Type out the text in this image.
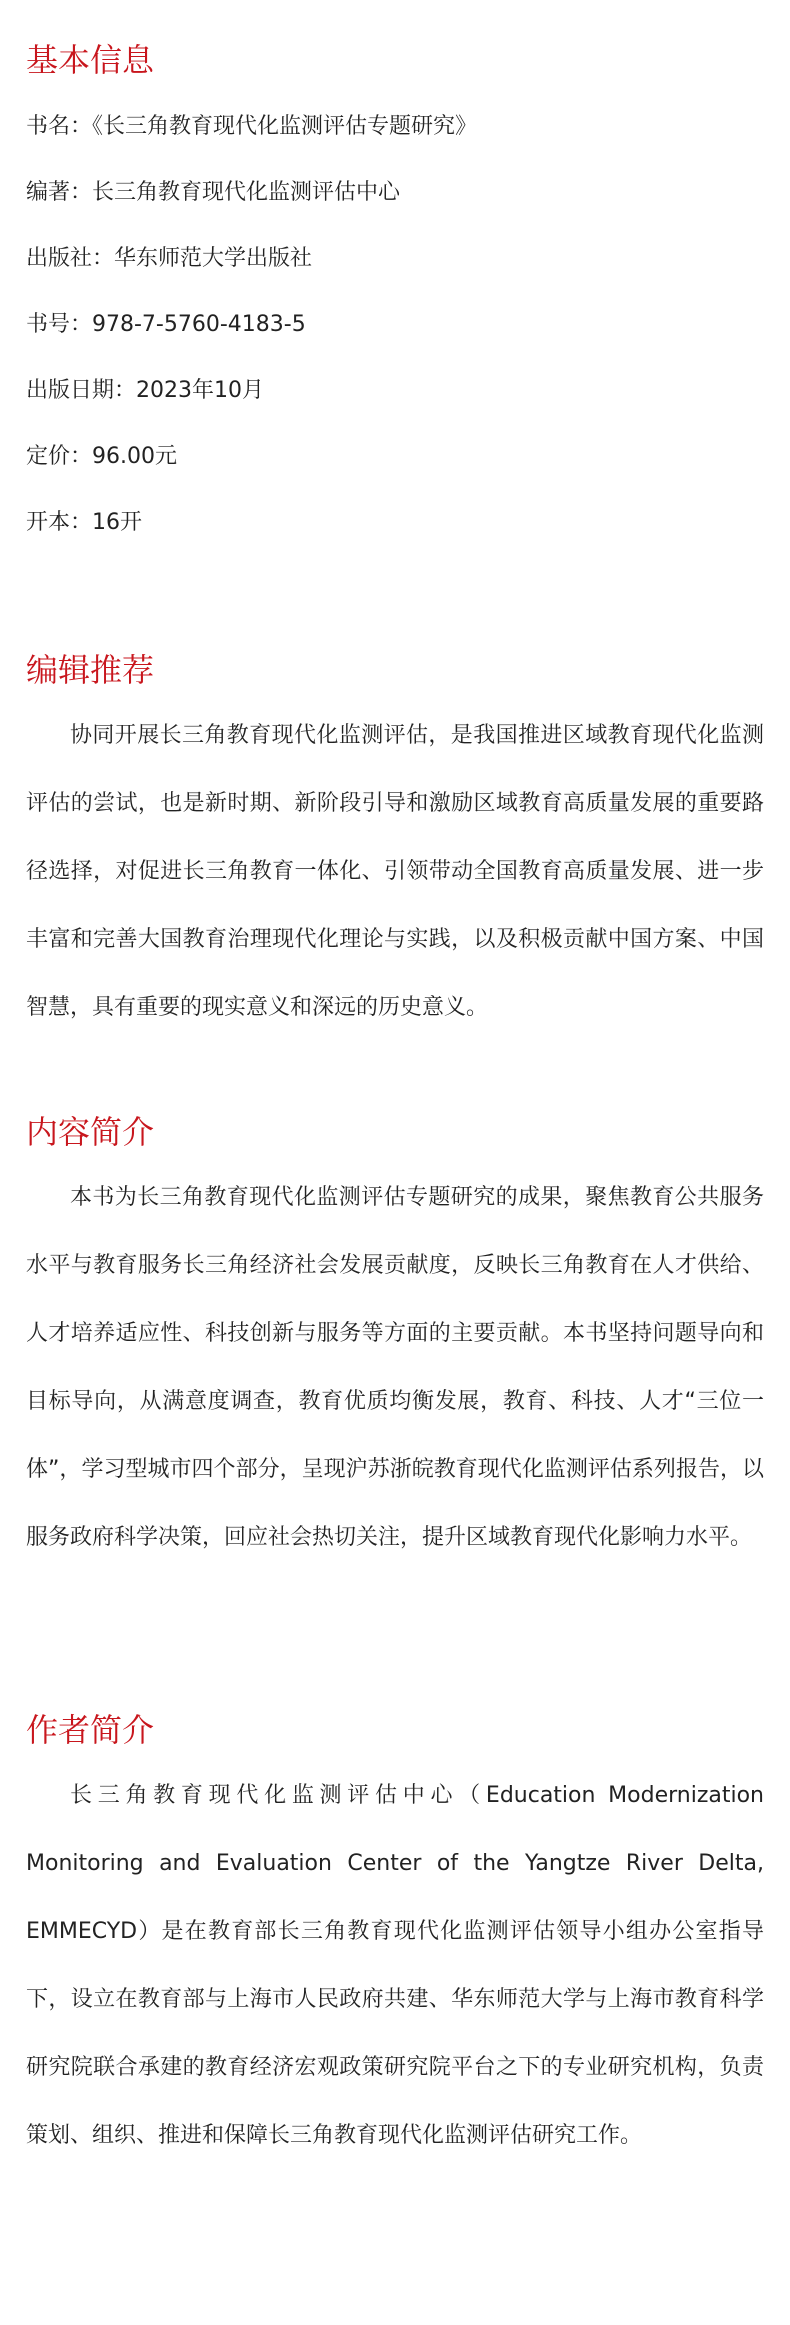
基本信息

书名：《长三角教育现代化监测评估专题研究》

编著：长三角教育现代化监测评估中心

出版社：华东师范大学出版社

书号：978-7-5760-4183-5

出版日期：2023年10月

定价：96.00元

开本：16开

编辑推荐

协同开展长三角教育现代化监测评估，是我国推进区域教育现代化监测评估的尝试，也是新时期、新阶段引导和激励区域教育高质量发展的重要路径选择，对促进长三角教育一体化、引领带动全国教育高质量发展、进一步丰富和完善大国教育治理现代化理论与实践，以及积极贡献中国方案、中国智慧，具有重要的现实意义和深远的历史意义。

内容简介

本书为长三角教育现代化监测评估专题研究的成果，聚焦教育公共服务水平与教育服务长三角经济社会发展贡献度，反映长三角教育在人才供给、人才培养适应性、科技创新与服务等方面的主要贡献。本书坚持问题导向和目标导向，从满意度调查，教育优质均衡发展，教育、科技、人才“三位一体”，学习型城市四个部分，呈现沪苏浙皖教育现代化监测评估系列报告，以服务政府科学决策，回应社会热切关注，提升区域教育现代化影响力水平。

作者简介

长三角教育现代化监测评估中心（Education Modernization Monitoring and Evaluation Center of the Yangtze River Delta, EMMECYD）是在教育部长三角教育现代化监测评估领导小组办公室指导下，设立在教育部与上海市人民政府共建、华东师范大学与上海市教育科学研究院联合承建的教育经济宏观政策研究院平台之下的专业研究机构，负责策划、组织、推进和保障长三角教育现代化监测评估研究工作。
